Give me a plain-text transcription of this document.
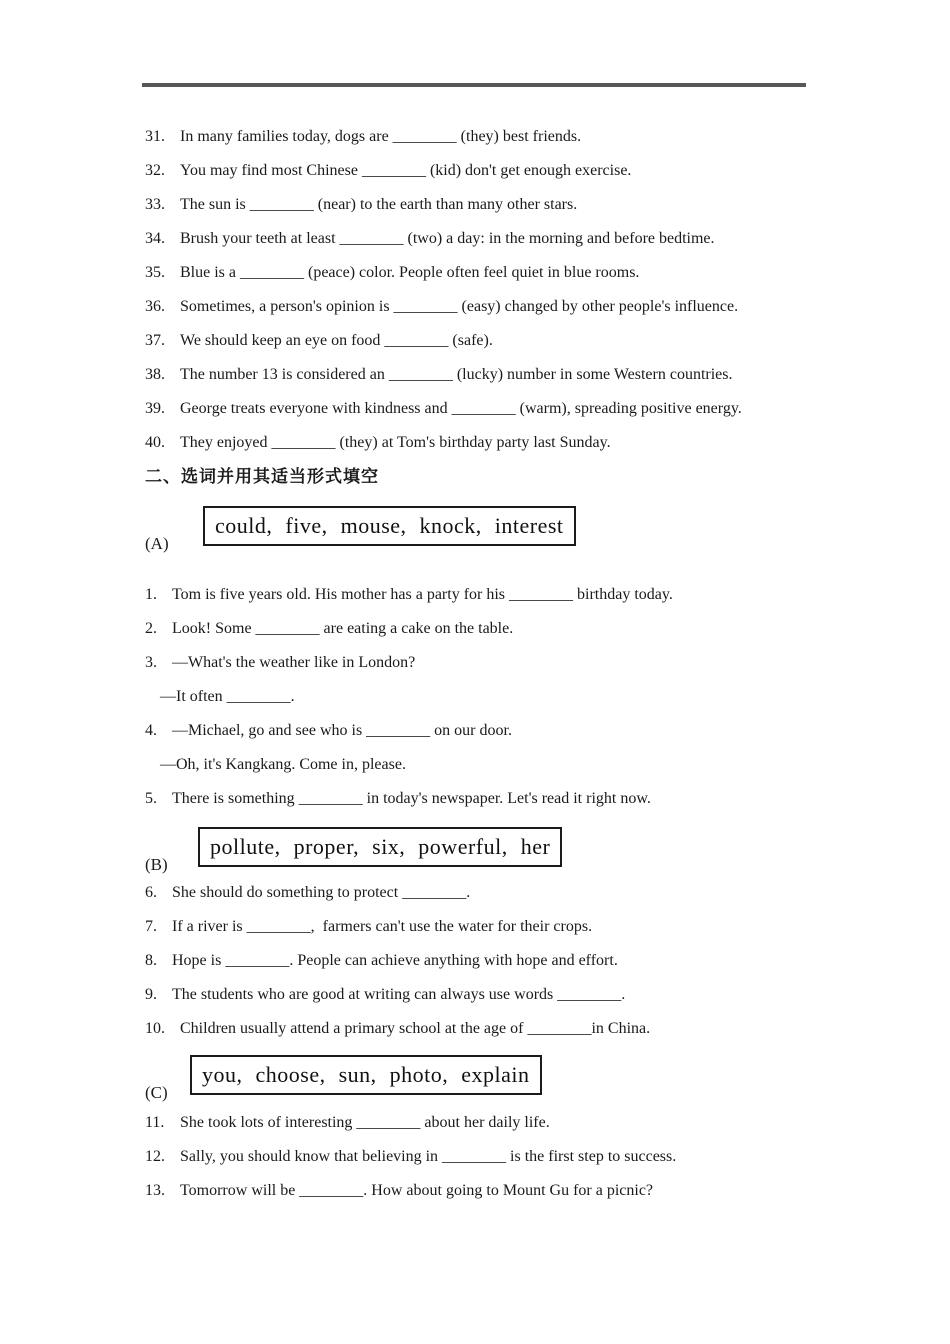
31. In many families today, dogs are ________ (they) best friends.
32. You may find most Chinese ________ (kid) don't get enough exercise.
33. The sun is ________ (near) to the earth than many other stars.
34. Brush your teeth at least ________ (two) a day: in the morning and before bedtime.
35. Blue is a ________ (peace) color. People often feel quiet in blue rooms.
36. Sometimes, a person's opinion is ________ (easy) changed by other people's influence.
37. We should keep an eye on food ________ (safe).
38. The number 13 is considered an ________ (lucky) number in some Western countries.
39. George treats everyone with kindness and ________ (warm), spreading positive energy.
40. They enjoyed ________ (they) at Tom's birthday party last Sunday.
二、选词并用其适当形式填空
(A)
could, five, mouse, knock, interest
1. Tom is five years old. His mother has a party for his ________ birthday today.
2. Look! Some ________ are eating a cake on the table.
3. —What's the weather like in London?
—It often ________.
4. —Michael, go and see who is ________ on our door.
—Oh, it's Kangkang. Come in, please.
5. There is something ________ in today's newspaper. Let's read it right now.
(B)
pollute, proper, six, powerful, her
6. She should do something to protect ________.
7. If a river is ________,  farmers can't use the water for their crops.
8. Hope is ________. People can achieve anything with hope and effort.
9. The students who are good at writing can always use words ________.
10. Children usually attend a primary school at the age of ________in China.
(C)
you, choose, sun, photo, explain
11. She took lots of interesting ________ about her daily life.
12. Sally, you should know that believing in ________ is the first step to success.
13. Tomorrow will be ________. How about going to Mount Gu for a picnic?
